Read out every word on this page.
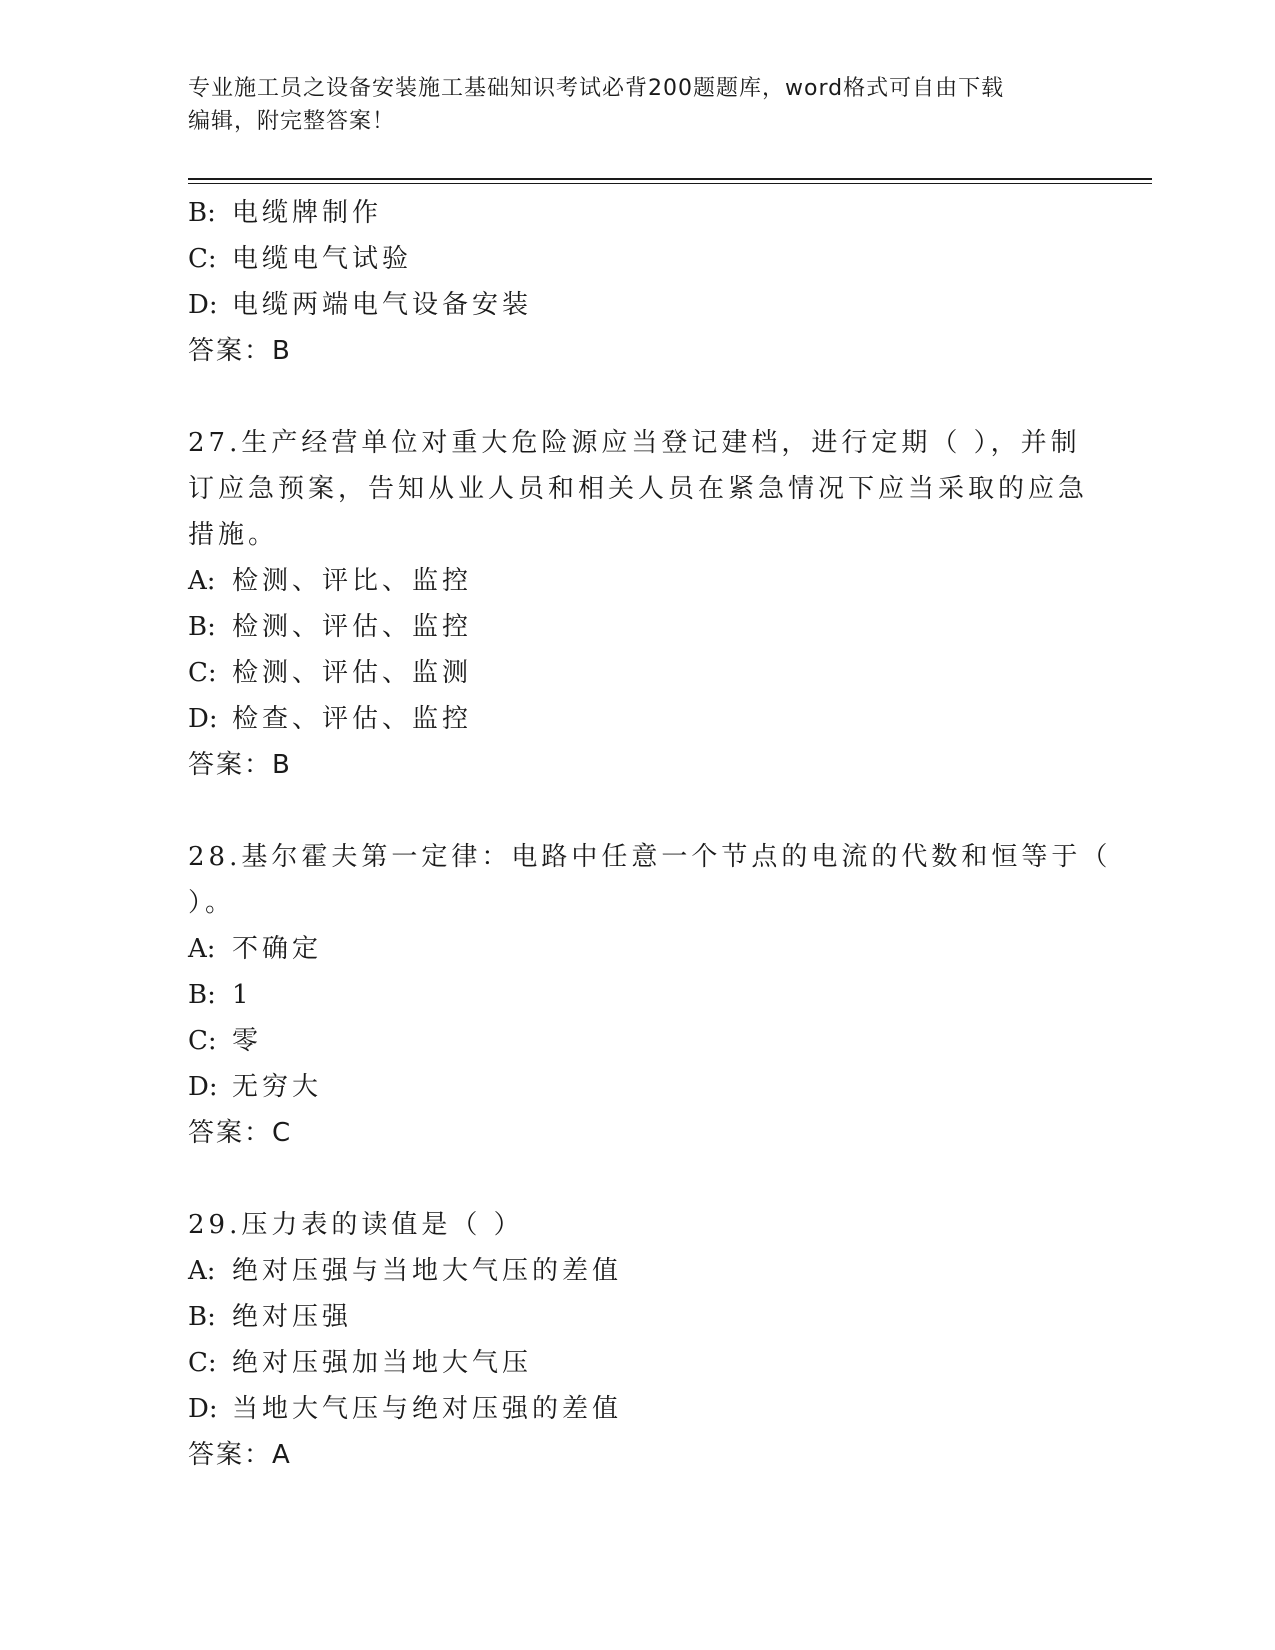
专业施工员之设备安装施工基础知识考试必背200题题库，word格式可自由下载
编辑，附完整答案！
B: 电缆牌制作
C: 电缆电气试验
D: 电缆两端电气设备安装
答案：B
27.生产经营单位对重大危险源应当登记建档，进行定期（ ），并制
订应急预案，告知从业人员和相关人员在紧急情况下应当采取的应急
措施。
A: 检测、评比、监控
B: 检测、评估、监控
C: 检测、评估、监测
D: 检查、评估、监控
答案：B
28.基尔霍夫第一定律：电路中任意一个节点的电流的代数和恒等于（
）。
A: 不确定
B: 1
C: 零
D: 无穷大
答案：C
29.压力表的读值是（ ）
A: 绝对压强与当地大气压的差值
B: 绝对压强
C: 绝对压强加当地大气压
D: 当地大气压与绝对压强的差值
答案：A
